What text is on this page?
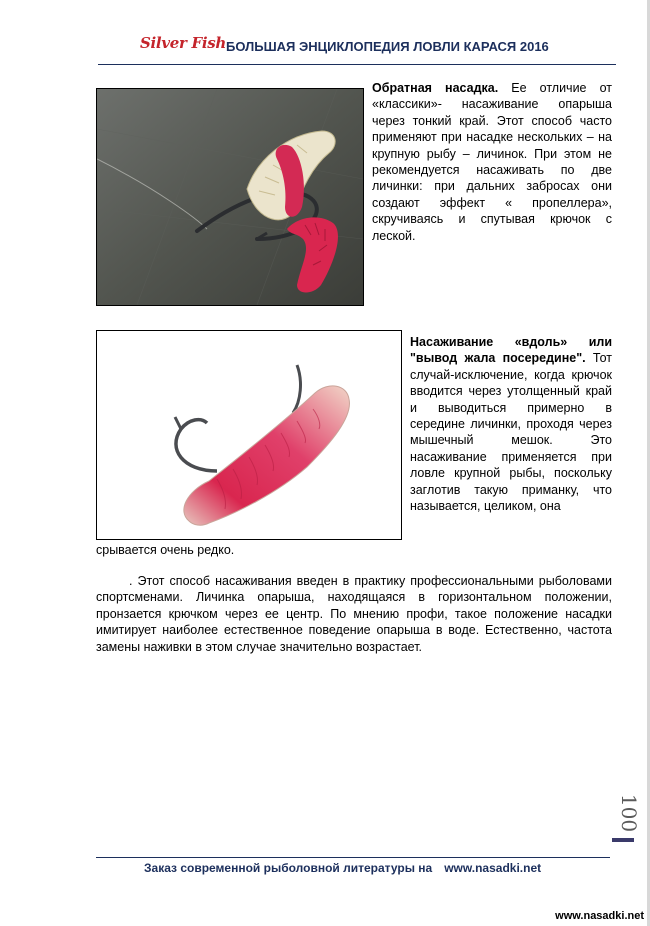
Silver Fish БОЛЬШАЯ ЭНЦИКЛОПЕДИЯ ЛОВЛИ КАРАСЯ 2016

Обратная насадка. Ее отличие от «классики»- насаживание опарыша через тонкий край. Этот способ часто применяют при насадке нескольких – на крупную рыбу – личинок. При этом не рекомендуется насаживать по две личинки: при дальних забросах они создают эффект « пропеллера», скручиваясь и спутывая крючок с леской.

Насаживание «вдоль» или "вывод жала посередине". Тот случай-исключение, когда крючок вводится через утолщенный край и выводиться примерно в середине личинки, проходя через мышечный мешок. Это насаживание применяется при ловле крупной рыбы, поскольку заглотив такую приманку, что называется, целиком, она

срывается очень редко.

. Этот способ насаживания введен в практику профессиональными рыболовами спортсменами. Личинка опарыша, находящаяся в горизонтальном положении, пронзается крючком через ее центр. По мнению профи, такое положение насадки имитирует наиболее естественное поведение опарыша в воде. Естественно, частота замены наживки в этом случае значительно возрастает.

100
Заказ современной рыболовной литературы на www.nasadki.net
www.nasadki.net
